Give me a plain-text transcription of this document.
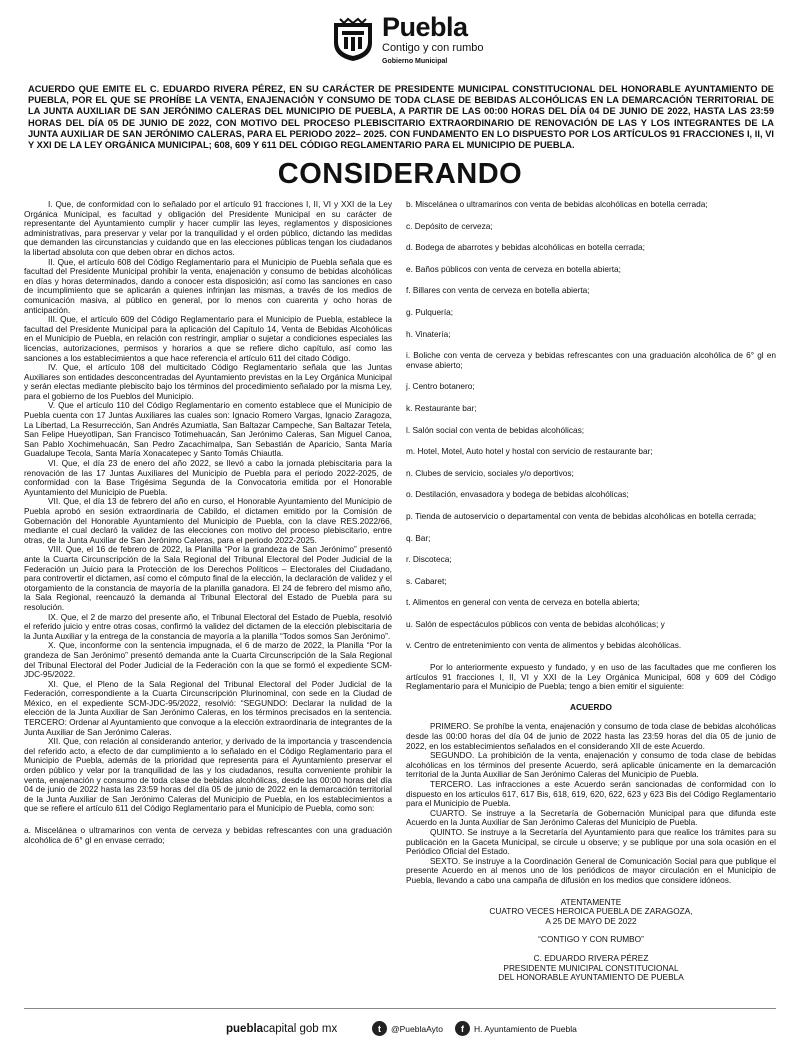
Puebla
Contigo y con rumbo
Gobierno Municipal
ACUERDO QUE EMITE EL C. EDUARDO RIVERA PÉREZ, EN SU CARÁCTER DE PRESIDENTE MUNICIPAL CONSTITUCIONAL DEL HONORABLE AYUNTAMIENTO DE PUEBLA, POR EL QUE SE PROHÍBE LA VENTA, ENAJENACIÓN Y CONSUMO DE TODA CLASE DE BEBIDAS ALCOHÓLICAS EN LA DEMARCACIÓN TERRITORIAL DE LA JUNTA AUXILIAR DE SAN JERÓNIMO CALERAS DEL MUNICIPIO DE PUEBLA, A PARTIR DE LAS 00:00 HORAS DEL DÍA 04 DE JUNIO DE 2022, HASTA LAS 23:59 HORAS DEL DÍA 05 DE JUNIO DE 2022, CON MOTIVO DEL PROCESO PLEBISCITARIO EXTRAORDINARIO DE RENOVACIÓN DE LAS Y LOS INTEGRANTES DE LA JUNTA AUXILIAR DE SAN JERÓNIMO CALERAS, PARA EL PERIODO 2022– 2025. CON FUNDAMENTO EN LO DISPUESTO POR LOS ARTÍCULOS 91 FRACCIONES I, II, VI Y XXI DE LA LEY ORGÁNICA MUNICIPAL; 608, 609 Y 611 DEL CÓDIGO REGLAMENTARIO PARA EL MUNICIPIO DE PUEBLA.
CONSIDERANDO

I. Que, de conformidad con lo señalado por el artículo 91 fracciones I, II, VI y XXI de la Ley Orgánica Municipal, es facultad y obligación del Presidente Municipal en su carácter de representante del Ayuntamiento cumplir y hacer cumplir las leyes, reglamentos y disposiciones administrativas, para preservar y velar por la tranquilidad y el orden público, dictando las medidas que demanden las circunstancias y cuidando que en las elecciones públicas tengan los ciudadanos la libertad absoluta con que deben obrar en dichos actos.

II. Que, el artículo 608 del Código Reglamentario para el Municipio de Puebla señala que es facultad del Presidente Municipal prohibir la venta, enajenación y consumo de bebidas alcohólicas en días y horas determinados, dando a conocer esta disposición; así como las sanciones en caso de incumplimiento que se aplicarán a quienes infrinjan las mismas, a través de los medios de comunicación masiva, al público en general, por lo menos con cuarenta y ocho horas de anticipación.

III. Que, el artículo 609 del Código Reglamentario para el Municipio de Puebla, establece la facultad del Presidente Municipal para la aplicación del Capítulo 14, Venta de Bebidas Alcohólicas en el Municipio de Puebla, en relación con restringir, ampliar o sujetar a condiciones especiales las licencias, autorizaciones, permisos y horarios a que se refiere dicho capítulo, así como las sanciones a los establecimientos a que hace referencia el artículo 611 del citado Código.

IV. Que, el artículo 108 del multicitado Código Reglamentario señala que las Juntas Auxiliares son entidades desconcentradas del Ayuntamiento previstas en la Ley Orgánica Municipal y serán electas mediante plebiscito bajo los términos del procedimiento señalado por la misma Ley, para el gobierno de los Pueblos del Municipio.

V. Que el artículo 110 del Código Reglamentario en comento establece que el Municipio de Puebla cuenta con 17 Juntas Auxiliares las cuales son: Ignacio Romero Vargas, Ignacio Zaragoza, La Libertad, La Resurrección, San Andrés Azumiatla, San Baltazar Campeche, San Baltazar Tetela, San Felipe Hueyotlipan, San Francisco Totimehuacán, San Jerónimo Caleras, San Miguel Canoa, San Pablo Xochimehuacán, San Pedro Zacachimalpa, San Sebastián de Aparicio, Santa María Guadalupe Tecola, Santa María Xonacatepec y Santo Tomás Chiautla.

VI. Que, el día 23 de enero del año 2022, se llevó a cabo la jornada plebiscitaria para la renovación de las 17 Juntas Auxiliares del Municipio de Puebla para el periodo 2022-2025, de conformidad con la Base Trigésima Segunda de la Convocatoria emitida por el Honorable Ayuntamiento del Municipio de Puebla.

VII. Que, el día 13 de febrero del año en curso, el Honorable Ayuntamiento del Municipio de Puebla aprobó en sesión extraordinaria de Cabildo, el dictamen emitido por la Comisión de Gobernación del Honorable Ayuntamiento del Municipio de Puebla, con la clave RES.2022/66, mediante el cual declaró la validez de las elecciones con motivo del proceso plebiscitario, entre otras, de la Junta Auxiliar de San Jerónimo Caleras, para el periodo 2022-2025.

VIII. Que, el 16 de febrero de 2022, la Planilla “Por la grandeza de San Jerónimo” presentó ante la Cuarta Circunscripción de la Sala Regional del Tribunal Electoral del Poder Judicial de la Federación un Juicio para la Protección de los Derechos Políticos – Electorales del Ciudadano, para controvertir el dictamen, así como el cómputo final de la elección, la declaración de validez y el otorgamiento de la constancia de mayoría de la planilla ganadora. El 24 de febrero del mismo año, la Sala Regional, reencauzó la demanda al Tribunal Electoral del Estado de Puebla para su resolución.

IX. Que, el 2 de marzo del presente año, el Tribunal Electoral del Estado de Puebla, resolvió el referido juicio y entre otras cosas, confirmó la validez del dictamen de la elección plebiscitaria de la Junta Auxiliar y la entrega de la constancia de mayoría a la planilla “Todos somos San Jerónimo”.

X. Que, inconforme con la sentencia impugnada, el 6 de marzo de 2022, la Planilla “Por la grandeza de San Jerónimo” presentó demanda ante la Cuarta Circunscripción de la Sala Regional del Tribunal Electoral del Poder Judicial de la Federación con la que se formó el expediente SCM-JDC-95/2022.

XI. Que, el Pleno de la Sala Regional del Tribunal Electoral del Poder Judicial de la Federación, correspondiente a la Cuarta Circunscripción Plurinominal, con sede en la Ciudad de México, en el expediente SCM-JDC-95/2022, resolvió: “SEGUNDO: Declarar la nulidad de la elección de la Junta Auxiliar de San Jerónimo Caleras, en los términos precisados en la sentencia. TERCERO: Ordenar al Ayuntamiento que convoque a la elección extraordinaria de integrantes de la Junta Auxiliar de San Jerónimo Caleras.

XII. Que, con relación al considerando anterior, y derivado de la importancia y trascendencia del referido acto, a efecto de dar cumplimiento a lo señalado en el Código Reglamentario para el Municipio de Puebla, además de la prioridad que representa para el Ayuntamiento preservar el orden público y velar por la tranquilidad de las y los ciudadanos, resulta conveniente prohibir la venta, enajenación y consumo de toda clase de bebidas alcohólicas, desde las 00:00 horas del día 04 de junio de 2022 hasta las 23:59 horas del día 05 de junio de 2022 en la demarcación territorial de la Junta Auxiliar de San Jerónimo Caleras del Municipio de Puebla, en los establecimientos a que se refiere el artículo 611 del Código Reglamentario para el Municipio de Puebla, como son:

a. Miscelánea o ultramarinos con venta de cerveza y bebidas refrescantes con una graduación alcohólica de 6° gl en envase cerrado;

b. Miscelánea o ultramarinos con venta de bebidas alcohólicas en botella cerrada;

c. Depósito de cerveza;

d. Bodega de abarrotes y bebidas alcohólicas en botella cerrada;

e. Baños públicos con venta de cerveza en botella abierta;

f. Billares con venta de cerveza en botella abierta;

g. Pulquería;

h. Vinatería;

i. Boliche con venta de cerveza y bebidas refrescantes con una graduación alcohólica de 6° gl en envase abierto;

j. Centro botanero;

k. Restaurante bar;

l. Salón social con venta de bebidas alcohólicas;

m. Hotel, Motel, Auto hotel y hostal con servicio de restaurante bar;

n. Clubes de servicio, sociales y/o deportivos;

o. Destilación, envasadora y bodega de bebidas alcohólicas;

p. Tienda de autoservicio o departamental con venta de bebidas alcohólicas en botella cerrada;

q. Bar;

r. Discoteca;

s. Cabaret;

t. Alimentos en general con venta de cerveza en botella abierta;

u. Salón de espectáculos públicos con venta de bebidas alcohólicas; y

v. Centro de entretenimiento con venta de alimentos y bebidas alcohólicas.

Por lo anteriormente expuesto y fundado, y en uso de las facultades que me confieren los artículos 91 fracciones I, II, VI y XXI de la Ley Orgánica Municipal, 608 y 609 del Código Reglamentario para el Municipio de Puebla; tengo a bien emitir el siguiente:

ACUERDO

PRIMERO. Se prohíbe la venta, enajenación y consumo de toda clase de bebidas alcohólicas desde las 00:00 horas del día 04 de junio de 2022 hasta las 23:59 horas del día 05 de junio de 2022, en los establecimientos señalados en el considerando XII de este Acuerdo.

SEGUNDO. La prohibición de la venta, enajenación y consumo de toda clase de bebidas alcohólicas en los términos del presente Acuerdo, será aplicable únicamente en la demarcación territorial de la Junta Auxiliar de San Jerónimo Caleras del Municipio de Puebla.

TERCERO. Las infracciones a este Acuerdo serán sancionadas de conformidad con lo dispuesto en los artículos 617, 617 Bis, 618, 619, 620, 622, 623 y 623 Bis del Código Reglamentario para el Municipio de Puebla.

CUARTO. Se instruye a la Secretaría de Gobernación Municipal para que difunda este Acuerdo en la Junta Auxiliar de San Jerónimo Caleras del Municipio de Puebla.

QUINTO. Se instruye a la Secretaría del Ayuntamiento para que realice los trámites para su publicación en la Gaceta Municipal, se circule u observe; y se publique por una sola ocasión en el Periódico Oficial del Estado.

SEXTO. Se instruye a la Coordinación General de Comunicación Social para que publique el presente Acuerdo en al menos uno de los periódicos de mayor circulación en el Municipio de Puebla, llevando a cabo una campaña de difusión en los medios que considere idóneos.

ATENTAMENTE
CUATRO VECES HEROICA PUEBLA DE ZARAGOZA,
A 25 DE MAYO DE 2022
“CONTIGO Y CON RUMBO”
C. EDUARDO RIVERA PÉREZ
PRESIDENTE MUNICIPAL CONSTITUCIONAL
DEL HONORABLE AYUNTAMIENTO DE PUEBLA
pueblacapital gob mx	t	@PueblaAyto	f	H. Ayuntamiento de Puebla
